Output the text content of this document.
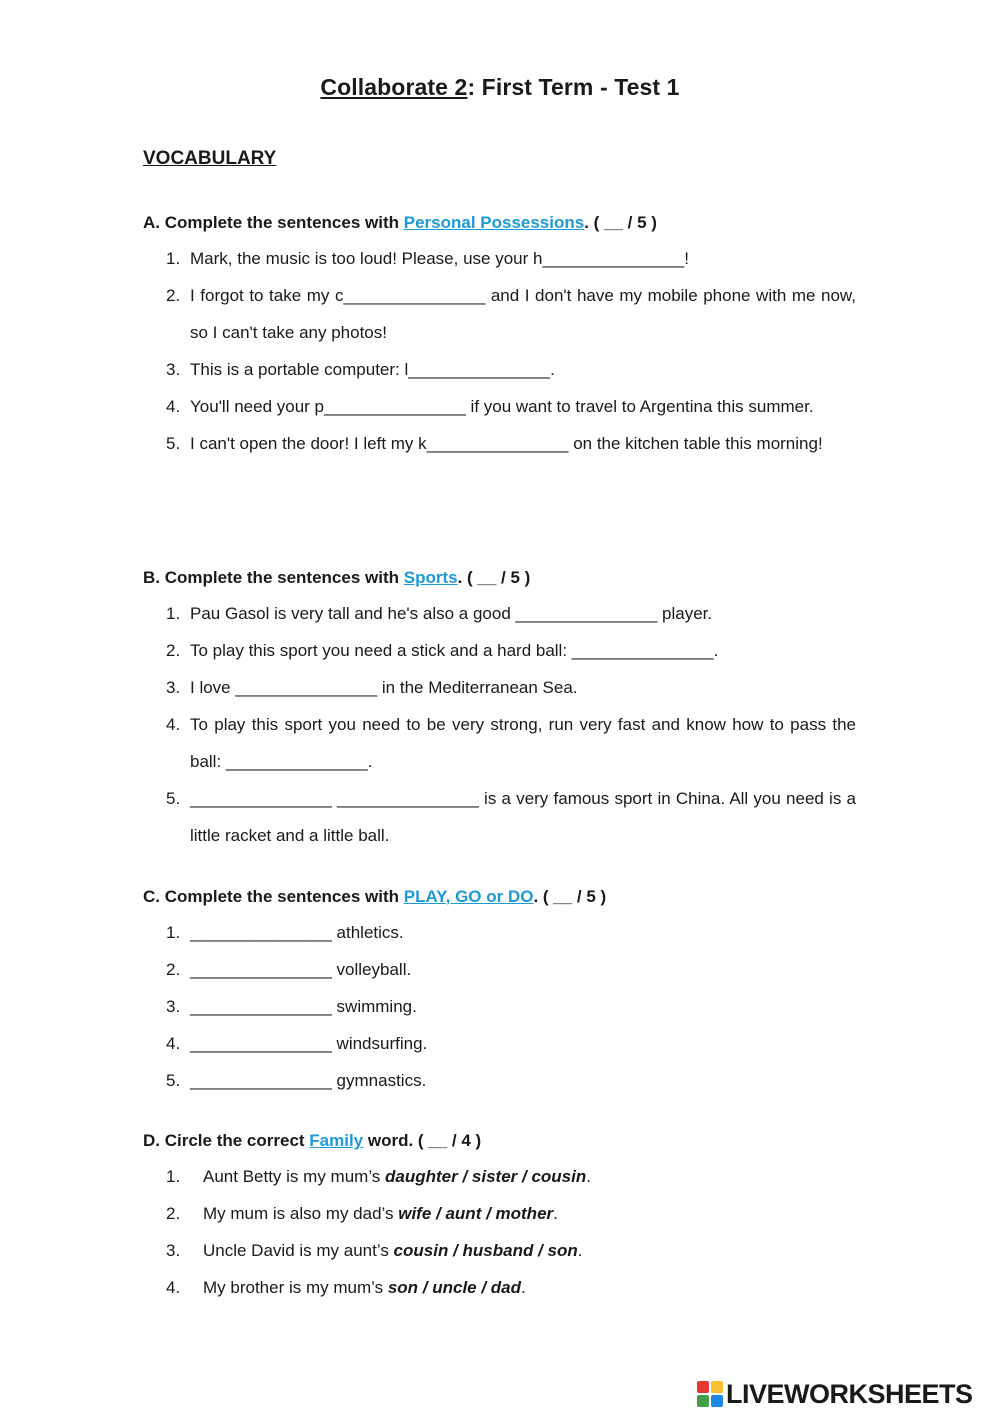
Collaborate 2: First Term - Test 1
VOCABULARY
A. Complete the sentences with Personal Possessions. ( __ / 5 )
1. Mark, the music is too loud! Please, use your h_______________!
2. I forgot to take my c_______________ and I don't have my mobile phone with me now, so I can't take any photos!
3. This is a portable computer: l_______________.
4. You'll need your p_______________ if you want to travel to Argentina this summer.
5. I can't open the door! I left my k_______________ on the kitchen table this morning!
B. Complete the sentences with Sports. ( __ / 5 )
1. Pau Gasol is very tall and he's also a good _______________ player.
2. To play this sport you need a stick and a hard ball: _______________.
3. I love _______________ in the Mediterranean Sea.
4. To play this sport you need to be very strong, run very fast and know how to pass the ball: _______________.
5. _______________ _______________ is a very famous sport in China. All you need is a little racket and a little ball.
C. Complete the sentences with PLAY, GO or DO. ( __ / 5 )
1. _______________ athletics.
2. _______________ volleyball.
3. _______________ swimming.
4. _______________ windsurfing.
5. _______________ gymnastics.
D. Circle the correct Family word. ( __ / 4 )
1. Aunt Betty is my mum’s daughter / sister / cousin.
2. My mum is also my dad’s wife / aunt / mother.
3. Uncle David is my aunt’s cousin / husband / son.
4. My brother is my mum’s son / uncle / dad.
LIVEWORKSHEETS
